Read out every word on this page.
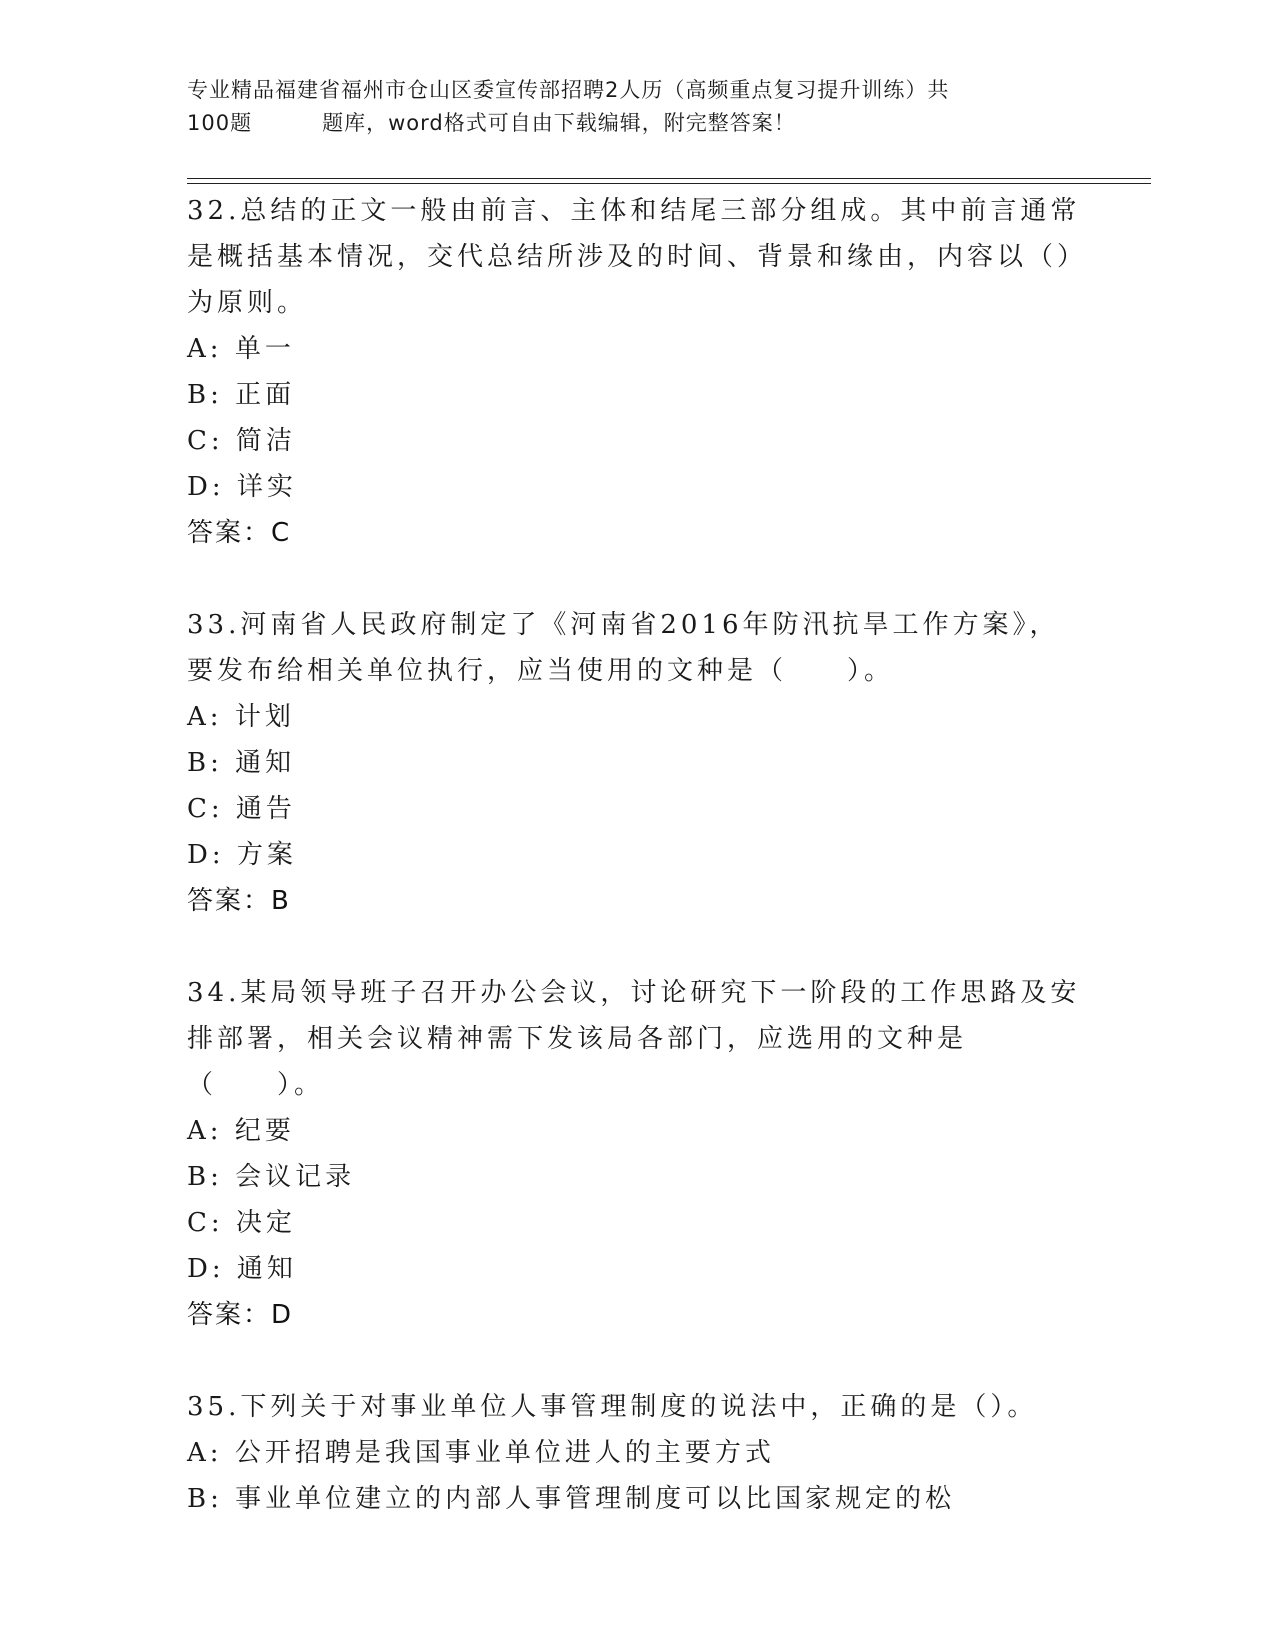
专业精品福建省福州市仓山区委宣传部招聘2人历（高频重点复习提升训练）共
100题	题库，word格式可自由下载编辑，附完整答案！
32.总结的正文一般由前言、主体和结尾三部分组成。其中前言通常是概括基本情况，交代总结所涉及的时间、背景和缘由，内容以（）为原则。
A: 单一
B: 正面
C: 简洁
D: 详实
答案：C
33.河南省人民政府制定了《河南省2016年防汛抗旱工作方案》，要发布给相关单位执行，应当使用的文种是（　　）。
A: 计划
B: 通知
C: 通告
D: 方案
答案：B
34.某局领导班子召开办公会议，讨论研究下一阶段的工作思路及安排部署，相关会议精神需下发该局各部门，应选用的文种是（　　）。
A: 纪要
B: 会议记录
C: 决定
D: 通知
答案：D
35.下列关于对事业单位人事管理制度的说法中，正确的是（）。
A: 公开招聘是我国事业单位进人的主要方式
B: 事业单位建立的内部人事管理制度可以比国家规定的松
